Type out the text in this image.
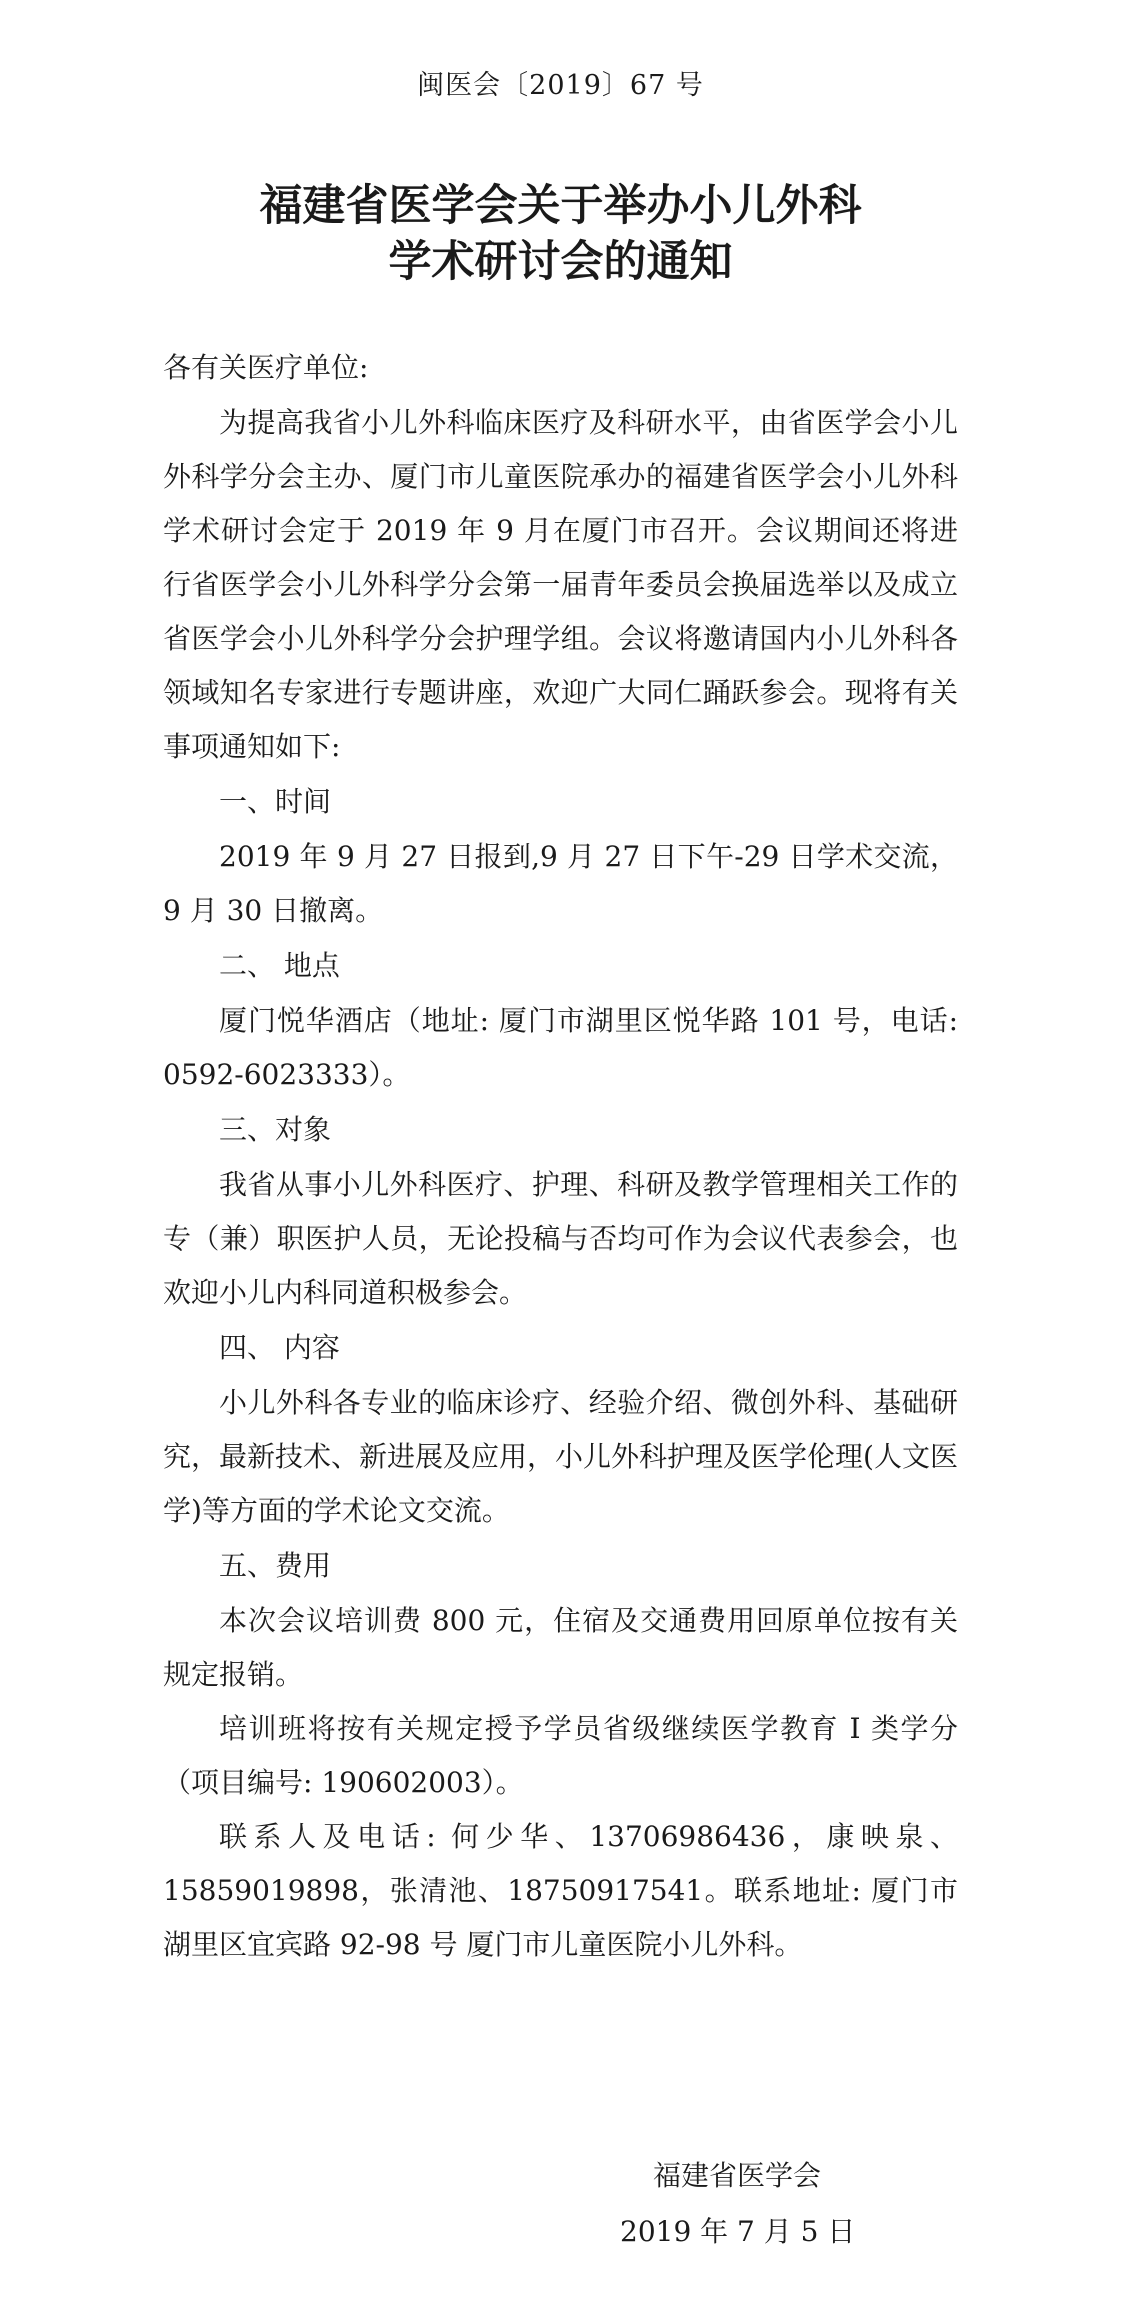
闽医会〔2019〕67 号
福建省医学会关于举办小儿外科
学术研讨会的通知

各有关医疗单位:

为提高我省小儿外科临床医疗及科研水平，由省医学会小儿外科学分会主办、厦门市儿童医院承办的福建省医学会小儿外科学术研讨会定于 2019 年 9 月在厦门市召开。会议期间还将进行省医学会小儿外科学分会第一届青年委员会换届选举以及成立省医学会小儿外科学分会护理学组。会议将邀请国内小儿外科各领域知名专家进行专题讲座，欢迎广大同仁踊跃参会。现将有关事项通知如下:

一、时间

2019 年 9 月 27 日报到,9 月 27 日下午-29 日学术交流，9 月 30 日撤离。

二、 地点

厦门悦华酒店（地址: 厦门市湖里区悦华路 101 号，电话: 0592-6023333）。

三、对象

我省从事小儿外科医疗、护理、科研及教学管理相关工作的专（兼）职医护人员，无论投稿与否均可作为会议代表参会，也欢迎小儿内科同道积极参会。

四、 内容

小儿外科各专业的临床诊疗、经验介绍、微创外科、基础研究，最新技术、新进展及应用，小儿外科护理及医学伦理(人文医学)等方面的学术论文交流。

五、费用

本次会议培训费 800 元，住宿及交通费用回原单位按有关规定报销。

培训班将按有关规定授予学员省级继续医学教育 I 类学分（项目编号: 190602003）。

联系人及电话: 何少华、13706986436，康映泉、15859019898，张清池、18750917541。联系地址: 厦门市湖里区宜宾路 92-98 号 厦门市儿童医院小儿外科。

福建省医学会
2019 年 7 月 5 日
